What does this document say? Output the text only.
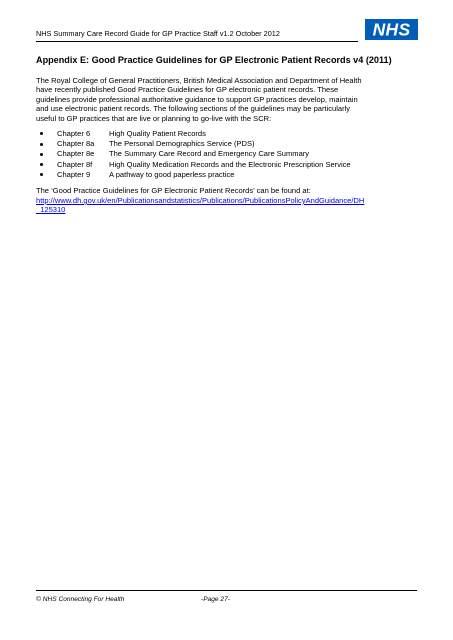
NHS Summary Care Record Guide for GP Practice Staff v1.2 October 2012	NHS
Appendix E: Good Practice Guidelines for GP Electronic Patient Records v4 (2011)
The Royal College of General Practitioners, British Medical Association and Department of Health
have recently published Good Practice Guidelines for GP electronic patient records. These
guidelines provide professional authoritative guidance to support GP practices develop, maintain
and use electronic patient records. The following sections of the guidelines may be particularly
useful to GP practices that are live or planning to go-live with the SCR:
Chapter 6 High Quality Patient Records
Chapter 8a The Personal Demographics Service (PDS)
Chapter 8e The Summary Care Record and Emergency Care Summary
Chapter 8f High Quality Medication Records and the Electronic Prescription Service
Chapter 9 A pathway to good paperless practice
The ‘Good Practice Guidelines for GP Electronic Patient Records’ can be found at:
http://www.dh.gov.uk/en/Publicationsandstatistics/Publications/PublicationsPolicyAndGuidance/DH
_125310
© NHS Connecting For Health	-Page 27-
